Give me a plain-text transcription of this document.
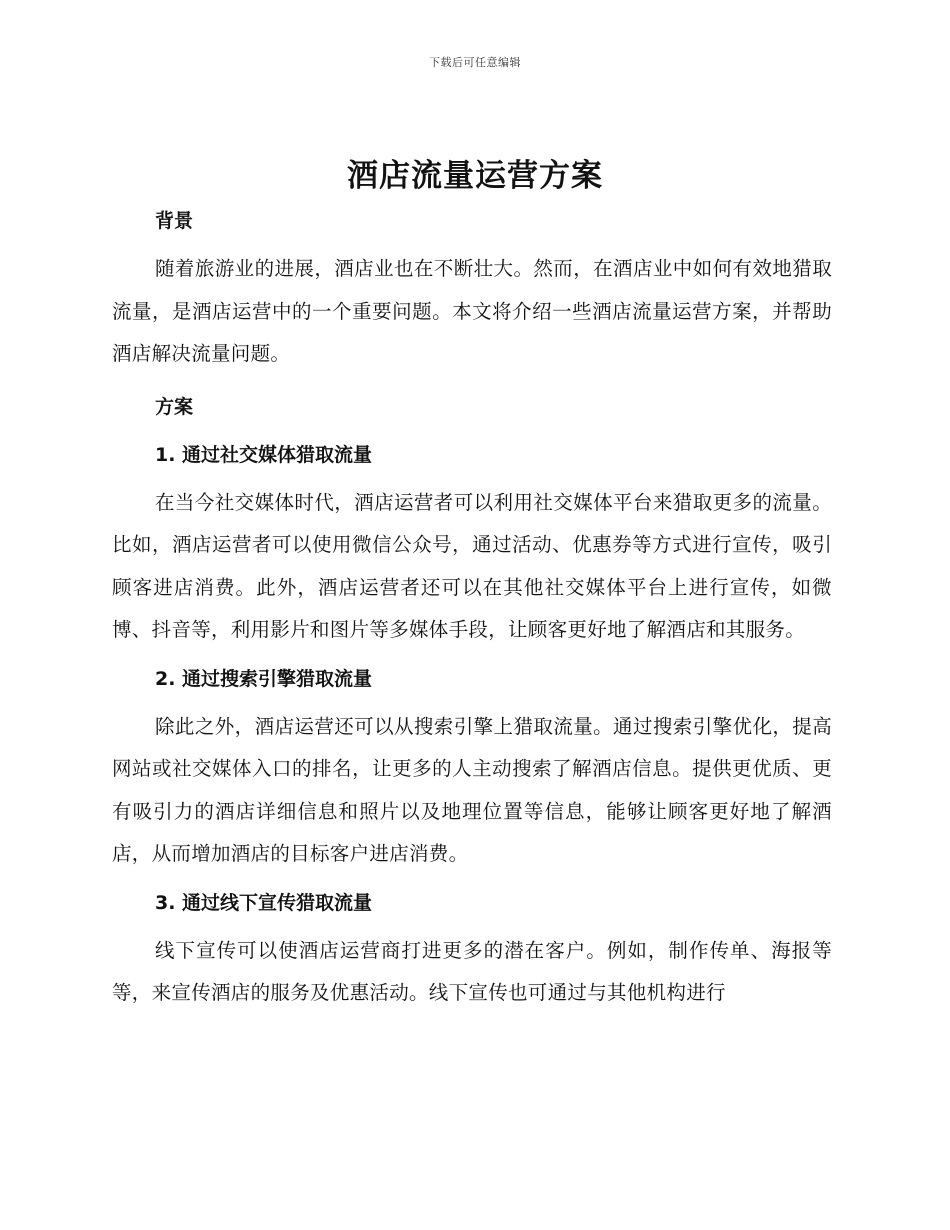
下载后可任意编辑
酒店流量运营方案
背景

随着旅游业的进展，酒店业也在不断壮大。然而，在酒店业中如何有效地猎取流量，是酒店运营中的一个重要问题。本文将介绍一些酒店流量运营方案，并帮助酒店解决流量问题。

方案
1. 通过社交媒体猎取流量

在当今社交媒体时代，酒店运营者可以利用社交媒体平台来猎取更多的流量。比如，酒店运营者可以使用微信公众号，通过活动、优惠券等方式进行宣传，吸引顾客进店消费。此外，酒店运营者还可以在其他社交媒体平台上进行宣传，如微博、抖音等，利用影片和图片等多媒体手段，让顾客更好地了解酒店和其服务。

2. 通过搜索引擎猎取流量

除此之外，酒店运营还可以从搜索引擎上猎取流量。通过搜索引擎优化，提高网站或社交媒体入口的排名，让更多的人主动搜索了解酒店信息。提供更优质、更有吸引力的酒店详细信息和照片以及地理位置等信息，能够让顾客更好地了解酒店，从而增加酒店的目标客户进店消费。

3. 通过线下宣传猎取流量

线下宣传可以使酒店运营商打进更多的潜在客户。例如，制作传单、海报等等，来宣传酒店的服务及优惠活动。线下宣传也可通过与其他机构进行
